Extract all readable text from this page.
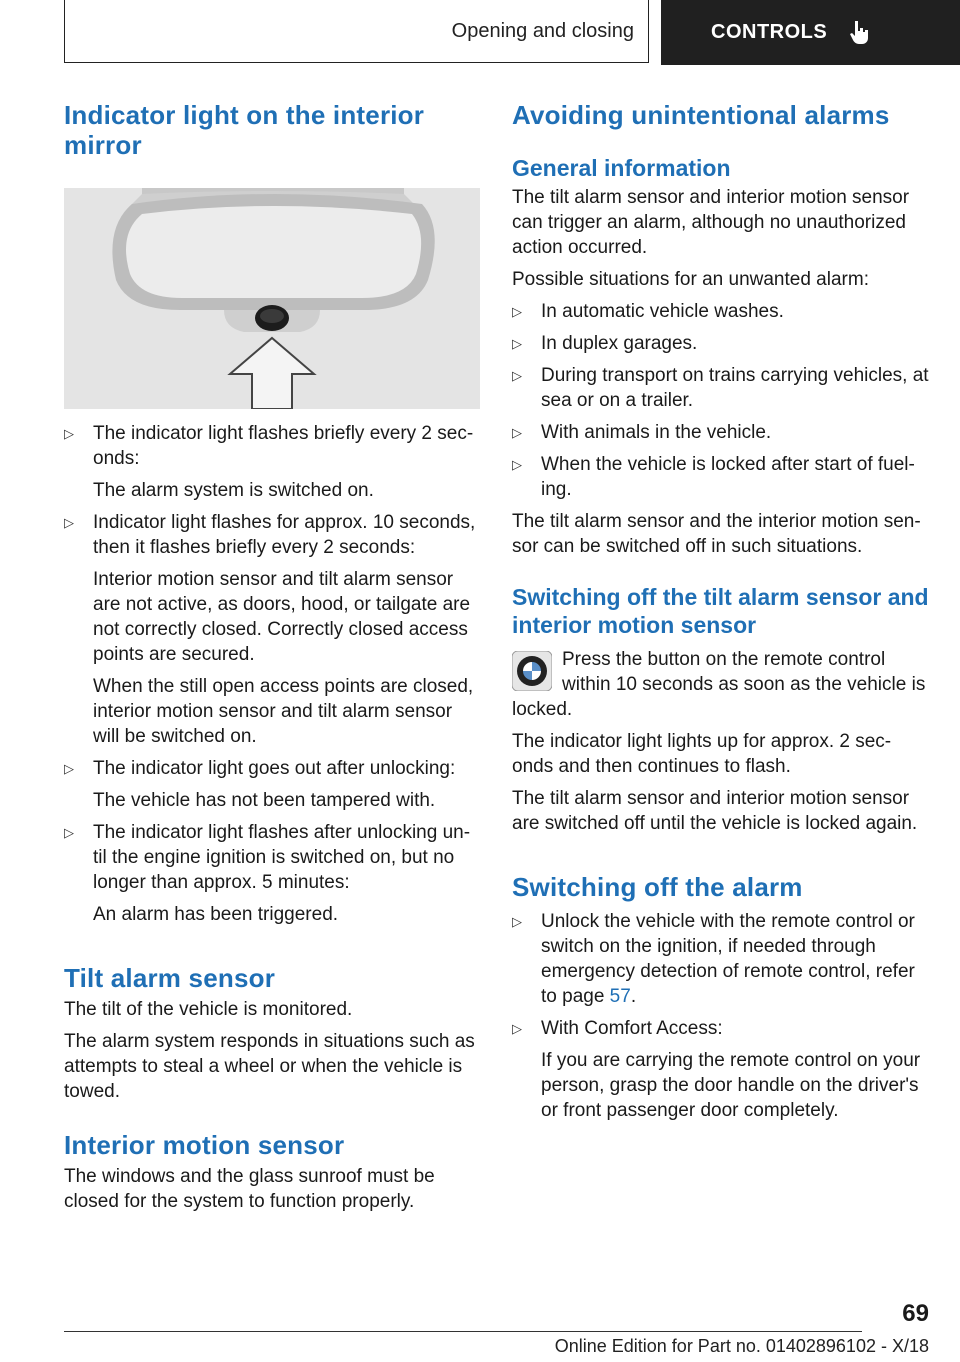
Opening and closing	CONTROLS
Indicator light on the interior mirror
▷ The indicator light flashes briefly every 2 sec‐onds:
The alarm system is switched on.
▷ Indicator light flashes for approx. 10 seconds, then it flashes briefly every 2 seconds:
Interior motion sensor and tilt alarm sensor are not active, as doors, hood, or tailgate are not correctly closed. Correctly closed access points are secured.
When the still open access points are closed, interior motion sensor and tilt alarm sensor will be switched on.
▷ The indicator light goes out after unlocking:
The vehicle has not been tampered with.
▷ The indicator light flashes after unlocking un‐til the engine ignition is switched on, but no longer than approx. 5 minutes:
An alarm has been triggered.
Tilt alarm sensor

The tilt of the vehicle is monitored.

The alarm system responds in situations such as attempts to steal a wheel or when the vehicle is towed.

Interior motion sensor

The windows and the glass sunroof must be closed for the system to function properly.

Avoiding unintentional alarms
General information

The tilt alarm sensor and interior motion sensor can trigger an alarm, although no unauthorized action occurred.

Possible situations for an unwanted alarm:

▷ In automatic vehicle washes.
▷ In duplex garages.
▷ During transport on trains carrying vehicles, at sea or on a trailer.
▷ With animals in the vehicle.
▷ When the vehicle is locked after start of fuel‐ing.

The tilt alarm sensor and the interior motion sen‐sor can be switched off in such situations.

Switching off the tilt alarm sensor and interior motion sensor

Press the button on the remote control within 10 seconds as soon as the vehicle is locked.

The indicator light lights up for approx. 2 sec‐onds and then continues to flash.

The tilt alarm sensor and interior motion sensor are switched off until the vehicle is locked again.

Switching off the alarm
▷ Unlock the vehicle with the remote control or switch on the ignition, if needed through emergency detection of remote control, refer to page 57.
▷ With Comfort Access:
If you are carrying the remote control on your person, grasp the door handle on the driver's or front passenger door completely.
69
Online Edition for Part no. 01402896102 - X/18
